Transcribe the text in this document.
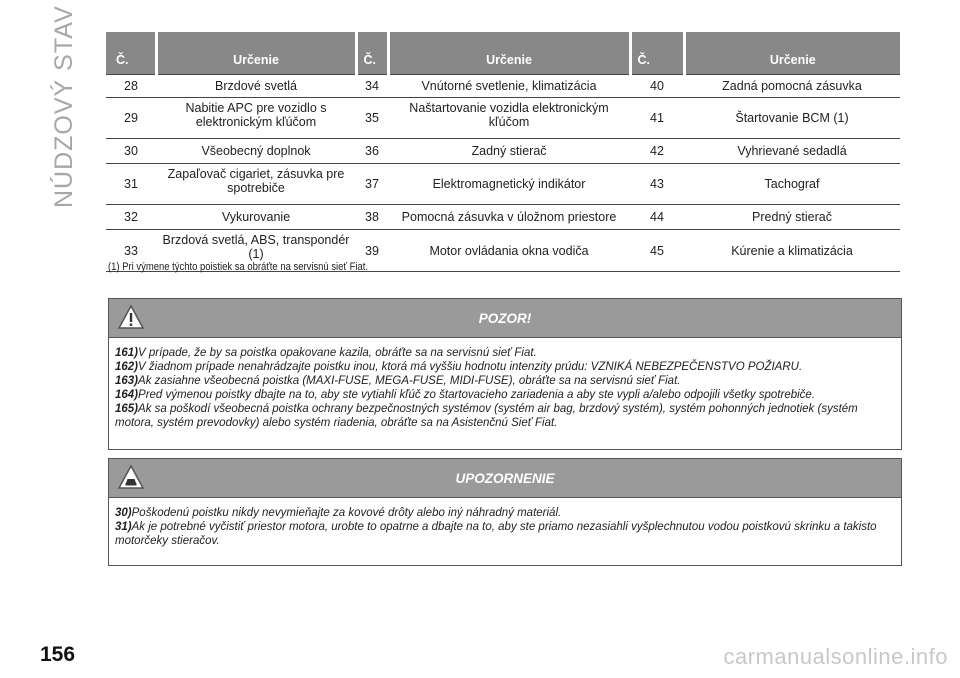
NÚDZOVÝ STAV	Č.	Určenie	Č.	Určenie	Č.	Určenie
28	Brzdové svetlá	34	Vnútorné svetlenie, klimatizácia	40	Zadná pomocná zásuvka
29	Nabitie APC pre vozidlo s elektronickým kľúčom	35	Naštartovanie vozidla elektronickým kľúčom	41	Štartovanie BCM (1)
30	Všeobecný doplnok	36	Zadný stierač	42	Vyhrievané sedadlá
31	Zapaľovač cigariet, zásuvka pre spotrebiče	37	Elektromagnetický indikátor	43	Tachograf
32	Vykurovanie	38	Pomocná zásuvka v úložnom priestore	44	Predný stierač
33	Brzdová svetlá, ABS, transpondér (1)	39	Motor ovládania okna vodiča	45	Kúrenie a klimatizácia
(1) Pri výmene týchto poistiek sa obráťte na servisnú sieť Fiat.
POZOR!
161)V prípade, že by sa poistka opakovane kazila, obráťte sa na servisnú sieť Fiat.
162)V žiadnom prípade nenahrádzajte poistku inou, ktorá má vyššiu hodnotu intenzity prúdu: VZNIKÁ NEBEZPEČENSTVO POŽIARU.
163)Ak zasiahne všeobecná poistka (MAXI-FUSE, MEGA-FUSE, MIDI-FUSE), obráťte sa na servisnú sieť Fiat.
164)Pred výmenou poistky dbajte na to, aby ste vytiahli kľúč zo štartovacieho zariadenia a aby ste vypli a/alebo odpojili všetky spotrebiče.
165)Ak sa poškodí všeobecná poistka ochrany bezpečnostných systémov (systém air bag, brzdový systém), systém pohonných jednotiek (systém motora, systém prevodovky) alebo systém riadenia, obráťte sa na Asistenčnú Sieť Fiat.
UPOZORNENIE
30)Poškodenú poistku nikdy nevymieňajte za kovové drôty alebo iný náhradný materiál.
31)Ak je potrebné vyčistiť priestor motora, urobte to opatrne a dbajte na to, aby ste priamo nezasiahli vyšplechnutou vodou poistkovú skrinku a takisto motorčeky stieračov.
156	carmanualsonline.info
